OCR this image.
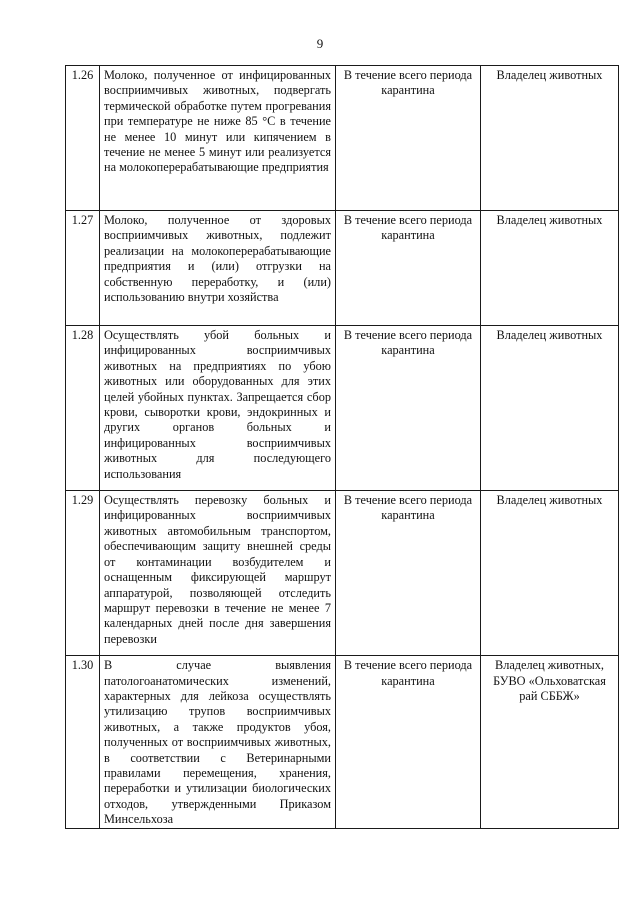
9
1.26	Молоко, полученное от инфицированных восприимчивых животных, подвергать термической обработке путем прогревания при температуре не ниже 85 °С в течение не менее 10 минут или кипячением в течение не менее 5 минут или реализуется на молокоперерабатывающие предприятия	В течение всего периода карантина	Владелец животных
1.27	Молоко, полученное от здоровых восприимчивых животных, подлежит реализации на молокоперерабатывающие предприятия и (или) отгрузки на собственную переработку, и (или) использованию внутри хозяйства	В течение всего периода карантина	Владелец животных
1.28	Осуществлять убой больных и инфицированных восприимчивых животных на предприятиях по убою животных или оборудованных для этих целей убойных пунктах. Запрещается сбор крови, сыворотки крови, эндокринных и других органов больных и инфицированных восприимчивых животных для последующего использования	В течение всего периода карантина	Владелец животных
1.29	Осуществлять перевозку больных и инфицированных восприимчивых животных автомобильным транспортом, обеспечивающим защиту внешней среды от контаминации возбудителем и оснащенным фиксирующей маршрут аппаратурой, позволяющей отследить маршрут перевозки в течение не менее 7 календарных дней после дня завершения перевозки	В течение всего периода карантина	Владелец животных
1.30	В случае выявления патологоанатомических изменений, характерных для лейкоза осуществлять утилизацию трупов восприимчивых животных, а также продуктов убоя, полученных от восприимчивых животных, в соответствии с Ветеринарными правилами перемещения, хранения, переработки и утилизации биологических отходов, утвержденными Приказом Минсельхоза	В течение всего периода карантина	Владелец животных, БУВО «Ольховатская рай СББЖ»
